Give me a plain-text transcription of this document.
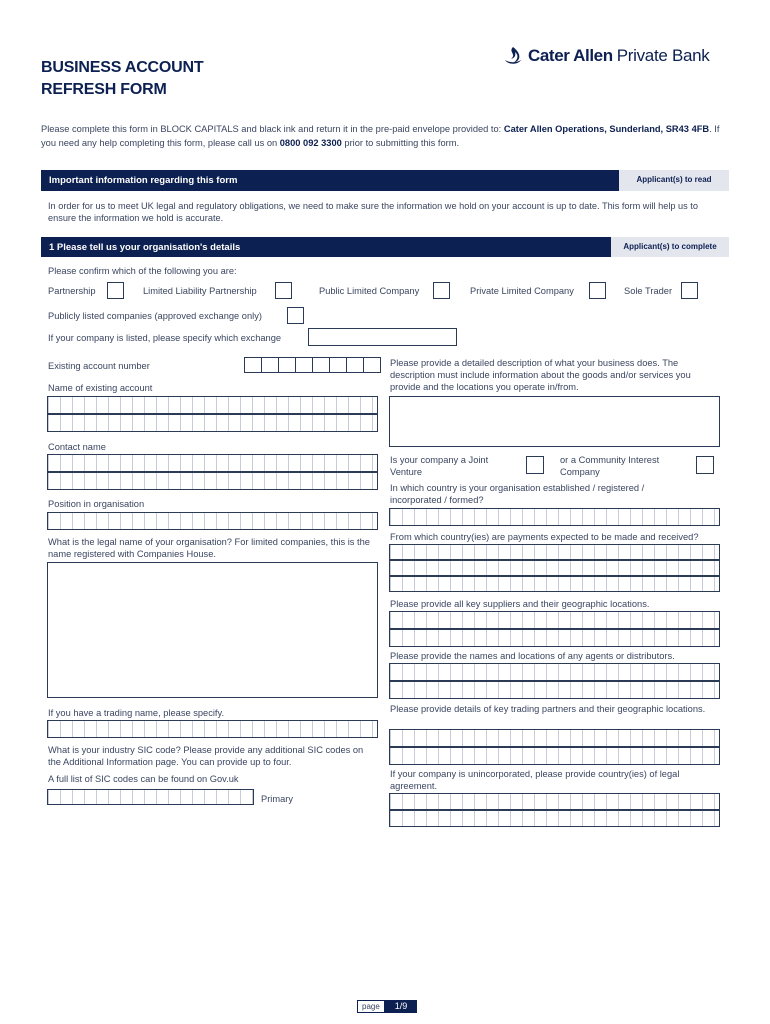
BUSINESS ACCOUNT
REFRESH FORM
Cater Allen Private Bank
Please complete this form in BLOCK CAPITALS and black ink and return it in the pre-paid envelope provided to: Cater Allen Operations, Sunderland, SR43 4FB. If you need any help completing this form, please call us on 0800 092 3300 prior to submitting this form.
Important information regarding this form	Applicant(s) to read
In order for us to meet UK legal and regulatory obligations, we need to make sure the information we hold on your account is up to date. This form will help us to ensure the information we hold is accurate.
1 Please tell us your organisation's details	Applicant(s) to complete
Please confirm which of the following you are:
Partnership	Limited Liability Partnership	Public Limited Company	Private Limited Company	Sole Trader
Publicly listed companies (approved exchange only)
If your company is listed, please specify which exchange
Existing account number
Name of existing account
Contact name
Position in organisation
What is the legal name of your organisation? For limited companies, this is the name registered with Companies House.
If you have a trading name, please specify.
What is your industry SIC code? Please provide any additional SIC codes on the Additional Information page. You can provide up to four.
A full list of SIC codes can be found on Gov.uk
Primary
Please provide a detailed description of what your business does. The description must include information about the goods and/or services you provide and the locations you operate in/from.
Is your company a Joint Venture
or a Community Interest Company
In which country is your organisation established / registered / incorporated / formed?
From which country(ies) are payments expected to be made and received?
Please provide all key suppliers and their geographic locations.
Please provide the names and locations of any agents or distributors.
Please provide details of key trading partners and their geographic locations.
If your company is unincorporated, please provide country(ies) of legal agreement.
page	1/9
